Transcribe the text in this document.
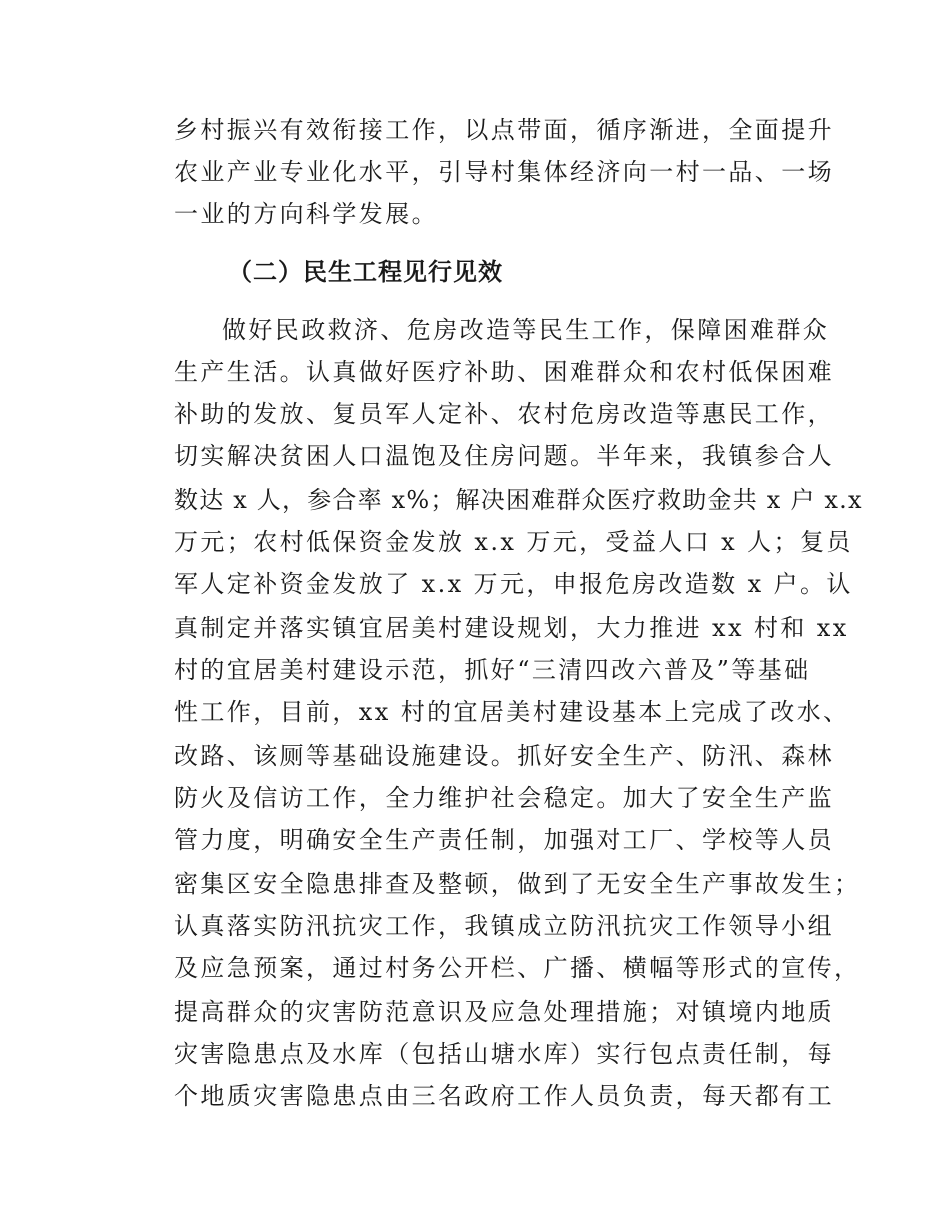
乡村振兴有效衔接工作，以点带面，循序渐进，全面提升
农业产业专业化水平，引导村集体经济向一村一品、一场
一业的方向科学发展。
（二）民生工程见行见效
做好民政救济、危房改造等民生工作，保障困难群众
生产生活。认真做好医疗补助、困难群众和农村低保困难
补助的发放、复员军人定补、农村危房改造等惠民工作，
切实解决贫困人口温饱及住房问题。半年来，我镇参合人
数达 x 人，参合率 x%；解决困难群众医疗救助金共 x 户 x.x
万元；农村低保资金发放 x.x 万元，受益人口 x 人；复员
军人定补资金发放了 x.x 万元，申报危房改造数 x 户。认
真制定并落实镇宜居美村建设规划，大力推进 xx 村和 xx
村的宜居美村建设示范，抓好“三清四改六普及”等基础
性工作，目前，xx 村的宜居美村建设基本上完成了改水、
改路、该厕等基础设施建设。抓好安全生产、防汛、森林
防火及信访工作，全力维护社会稳定。加大了安全生产监
管力度，明确安全生产责任制，加强对工厂、学校等人员
密集区安全隐患排查及整顿，做到了无安全生产事故发生；
认真落实防汛抗灾工作，我镇成立防汛抗灾工作领导小组
及应急预案，通过村务公开栏、广播、横幅等形式的宣传，
提高群众的灾害防范意识及应急处理措施；对镇境内地质
灾害隐患点及水库（包括山塘水库）实行包点责任制，每
个地质灾害隐患点由三名政府工作人员负责，每天都有工
